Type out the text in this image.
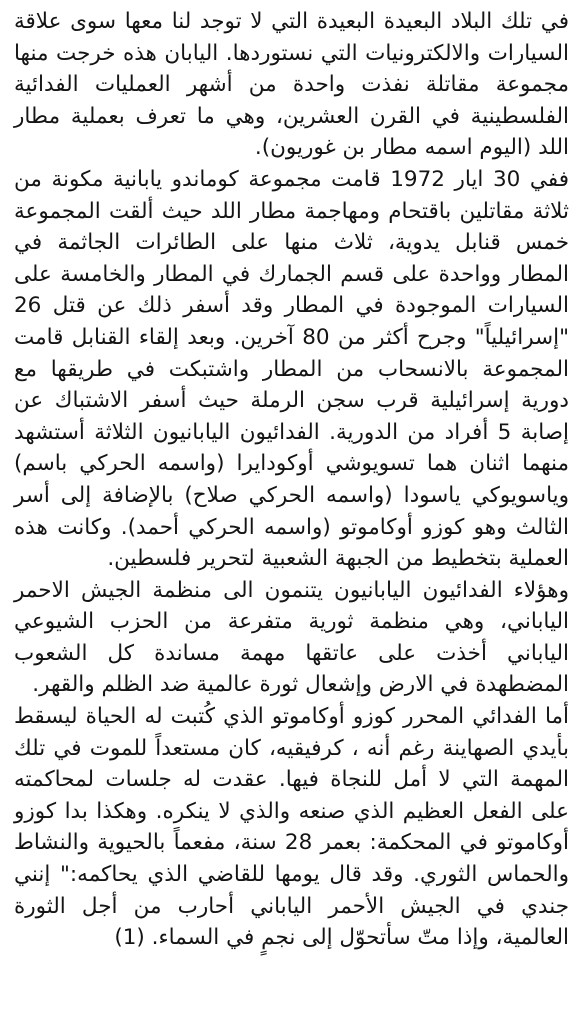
في تلك البلاد البعيدة البعيدة التي لا توجد لنا معها سوى علاقة السيارات والالكترونيات التي نستوردها. اليابان هذه خرجت منها مجموعة مقاتلة نفذت واحدة من أشهر العمليات الفدائية الفلسطينية في القرن العشرين، وهي ما تعرف بعملية مطار اللد (اليوم اسمه مطار بن غوريون).

ففي 30 ايار 1972 قامت مجموعة كوماندو يابانية مكونة من ثلاثة مقاتلين باقتحام ومهاجمة مطار اللد حيث ألقت المجموعة خمس قنابل يدوية، ثلاث منها على الطائرات الجاثمة في المطار وواحدة على قسم الجمارك في المطار والخامسة على السيارات الموجودة في المطار وقد أسفر ذلك عن قتل 26 "إسرائيلياً" وجرح أكثر من 80 آخرين. وبعد إلقاء القنابل قامت المجموعة بالانسحاب من المطار واشتبكت في طريقها مع دورية إسرائيلية قرب سجن الرملة حيث أسفر الاشتباك عن إصابة 5 أفراد من الدورية. الفدائيون اليابانيون الثلاثة أستشهد منهما اثنان هما تسويوشي أوكودايرا (واسمه الحركي باسم) وياسويوكي ياسودا (واسمه الحركي صلاح) بالإضافة إلى أسر الثالث وهو كوزو أوكاموتو (واسمه الحركي أحمد). وكانت هذه العملية بتخطيط من الجبهة الشعبية لتحرير فلسطين.

وهؤلاء الفدائيون اليابانيون يتنمون الى منظمة الجيش الاحمر الياباني، وهي منظمة ثورية متفرعة من الحزب الشيوعي الياباني أخذت على عاتقها مهمة مساندة كل الشعوب المضطهدة في الارض وإشعال ثورة عالمية ضد الظلم والقهر.

أما الفدائي المحرر كوزو أوكاموتو الذي كُتبت له الحياة ليسقط بأيدي الصهاينة رغم أنه ، كرفيقيه، كان مستعداً للموت في تلك المهمة التي لا أمل للنجاة فيها. عقدت له جلسات لمحاكمته على الفعل العظيم الذي صنعه والذي لا ينكره. وهكذا بدا كوزو أوكاموتو في المحكمة: بعمر 28 سنة، مفعماً بالحيوية والنشاط والحماس الثوري. وقد قال يومها للقاضي الذي يحاكمه:" إنني جندي في الجيش الأحمر الياباني أحارب من أجل الثورة العالمية، وإذا متّ سأتحوّل إلى نجمٍ في السماء. (1)
